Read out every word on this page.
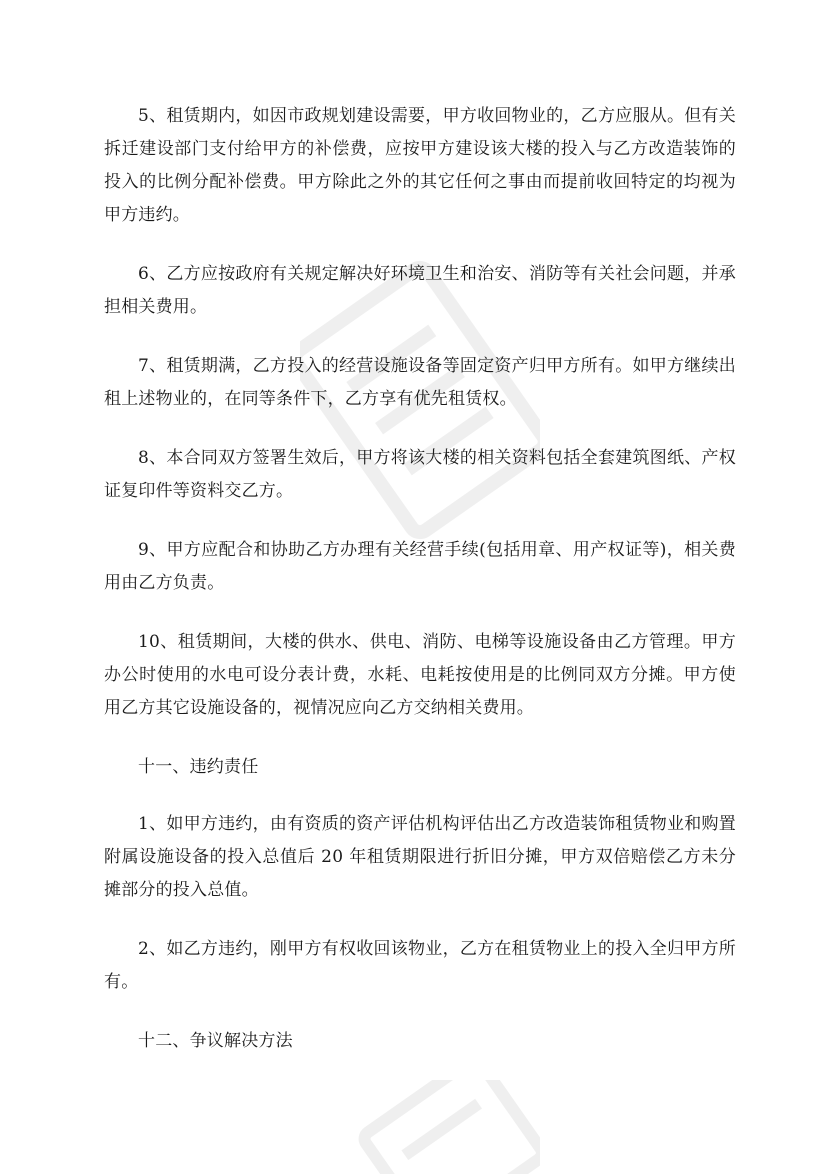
5、租赁期内，如因市政规划建设需要，甲方收回物业的，乙方应服从。但有关拆迁建设部门支付给甲方的补偿费，应按甲方建设该大楼的投入与乙方改造装饰的投入的比例分配补偿费。甲方除此之外的其它任何之事由而提前收回特定的均视为甲方违约。

6、乙方应按政府有关规定解决好环境卫生和治安、消防等有关社会问题，并承担相关费用。

7、租赁期满，乙方投入的经营设施设备等固定资产归甲方所有。如甲方继续出租上述物业的，在同等条件下，乙方享有优先租赁权。

8、本合同双方签署生效后，甲方将该大楼的相关资料包括全套建筑图纸、产权证复印件等资料交乙方。

9、甲方应配合和协助乙方办理有关经营手续(包括用章、用产权证等)，相关费用由乙方负责。

10、租赁期间，大楼的供水、供电、消防、电梯等设施设备由乙方管理。甲方办公时使用的水电可设分表计费，水耗、电耗按使用是的比例同双方分摊。甲方使用乙方其它设施设备的，视情况应向乙方交纳相关费用。

十一、违约责任

1、如甲方违约，由有资质的资产评估机构评估出乙方改造装饰租赁物业和购置附属设施设备的投入总值后 20 年租赁期限进行折旧分摊，甲方双倍赔偿乙方未分摊部分的投入总值。

2、如乙方违约，刚甲方有权收回该物业，乙方在租赁物业上的投入全归甲方所有。

十二、争议解决方法
